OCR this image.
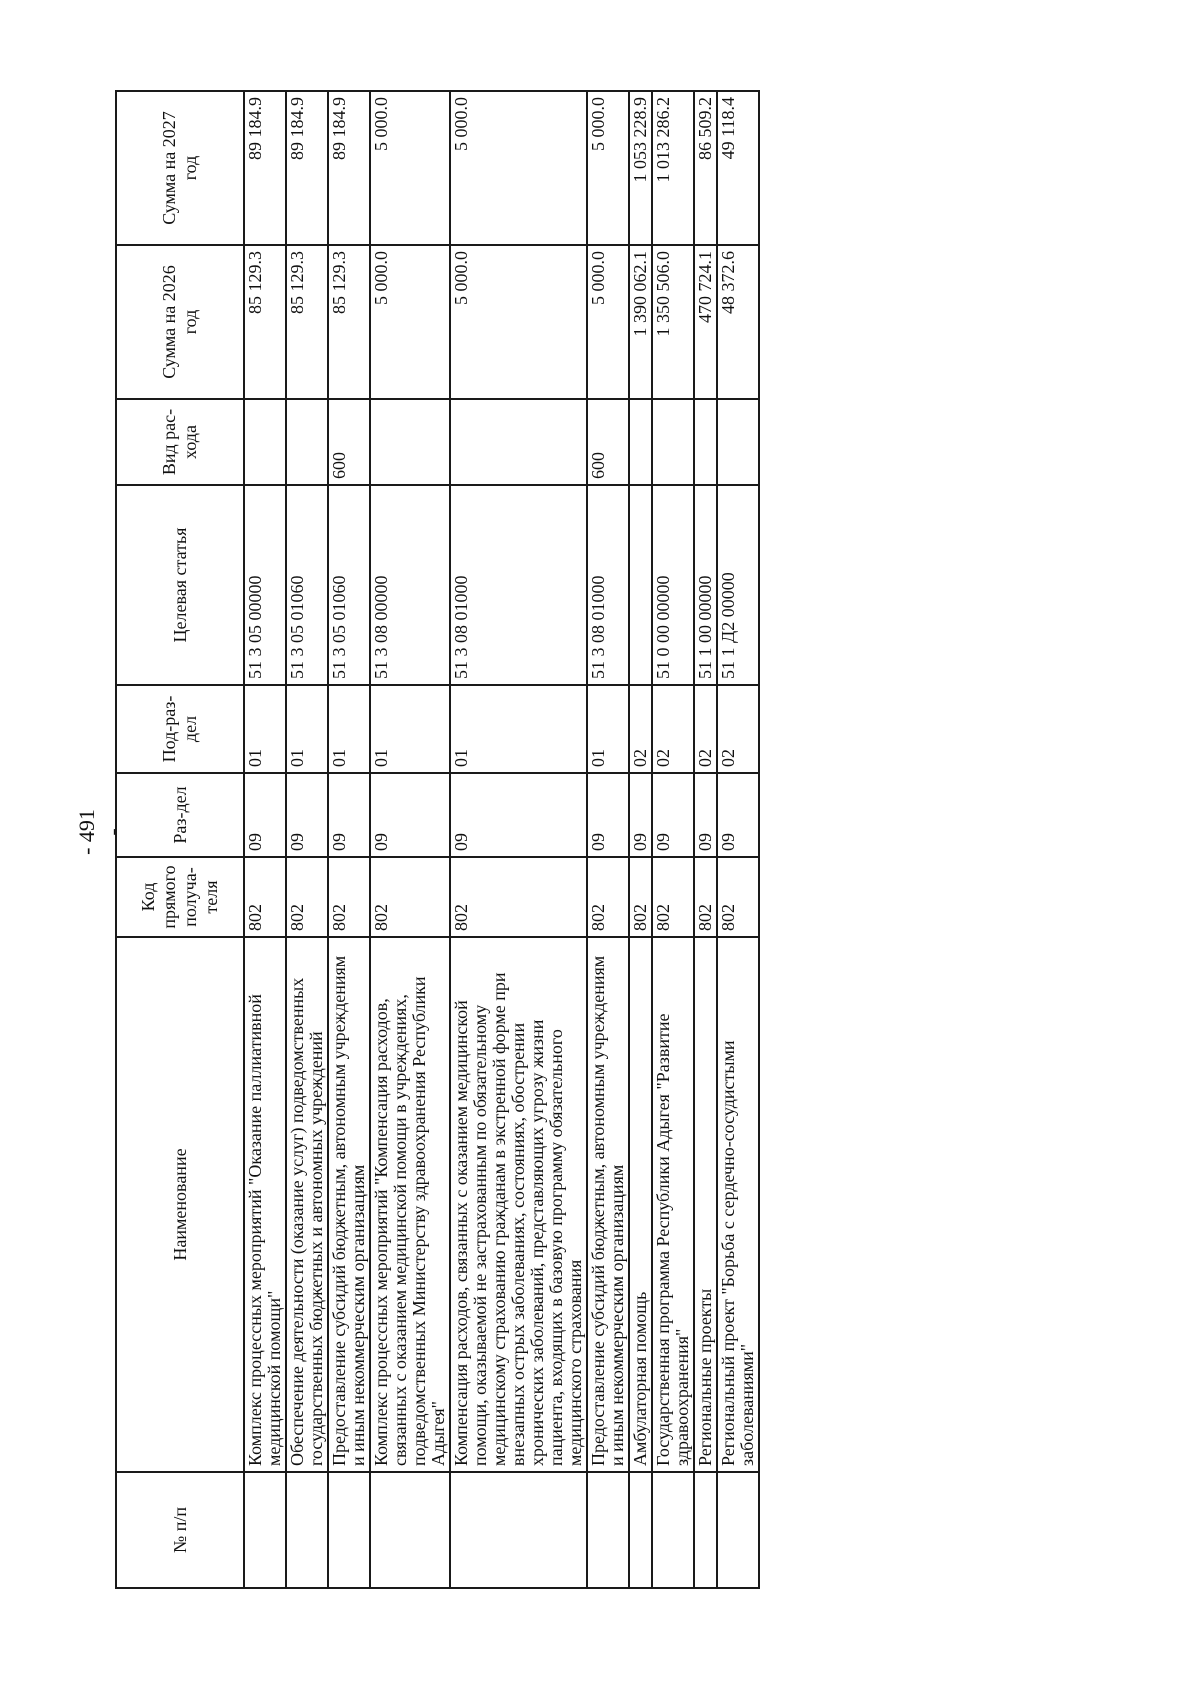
- 491 -
№ п/п	Наименование	Код прямого получа-теля	Раз-дел	Под-раз-дел	Целевая статья	Вид рас-хода	Сумма на 2026 год	Сумма на 2027 год
	Комплекс процессных мероприятий "Оказание паллиативной медицинской помощи"	802	09	01	51 3 05 00000		85 129.3	89 184.9
	Обеспечение деятельности (оказание услуг) подведомственных государственных бюджетных и автономных учреждений	802	09	01	51 3 05 01060		85 129.3	89 184.9
	Предоставление субсидий бюджетным, автономным учреждениям и иным некоммерческим организациям	802	09	01	51 3 05 01060	600	85 129.3	89 184.9
	Комплекс процессных мероприятий "Компенсация расходов, связанных с оказанием медицинской помощи в учреждениях, подведомственных Министерству здравоохранения Республики Адыгея"	802	09	01	51 3 08 00000		5 000.0	5 000.0
	Компенсация расходов, связанных с оказанием медицинской помощи, оказываемой не застрахованным по обязательному медицинскому страхованию гражданам в экстренной форме при внезапных острых заболеваниях, состояниях, обострении хронических заболеваний, представляющих угрозу жизни пациента, входящих в базовую программу обязательного медицинского страхования	802	09	01	51 3 08 01000		5 000.0	5 000.0
	Предоставление субсидий бюджетным, автономным учреждениям и иным некоммерческим организациям	802	09	01	51 3 08 01000	600	5 000.0	5 000.0
	Амбулаторная помощь	802	09	02			1 390 062.1	1 053 228.9
	Государственная программа Республики Адыгея "Развитие здравоохранения"	802	09	02	51 0 00 00000		1 350 506.0	1 013 286.2
	Региональные проекты	802	09	02	51 1 00 00000		470 724.1	86 509.2
	Региональный проект "Борьба с сердечно-сосудистыми заболеваниями"	802	09	02	51 1 Д2 00000		48 372.6	49 118.4
